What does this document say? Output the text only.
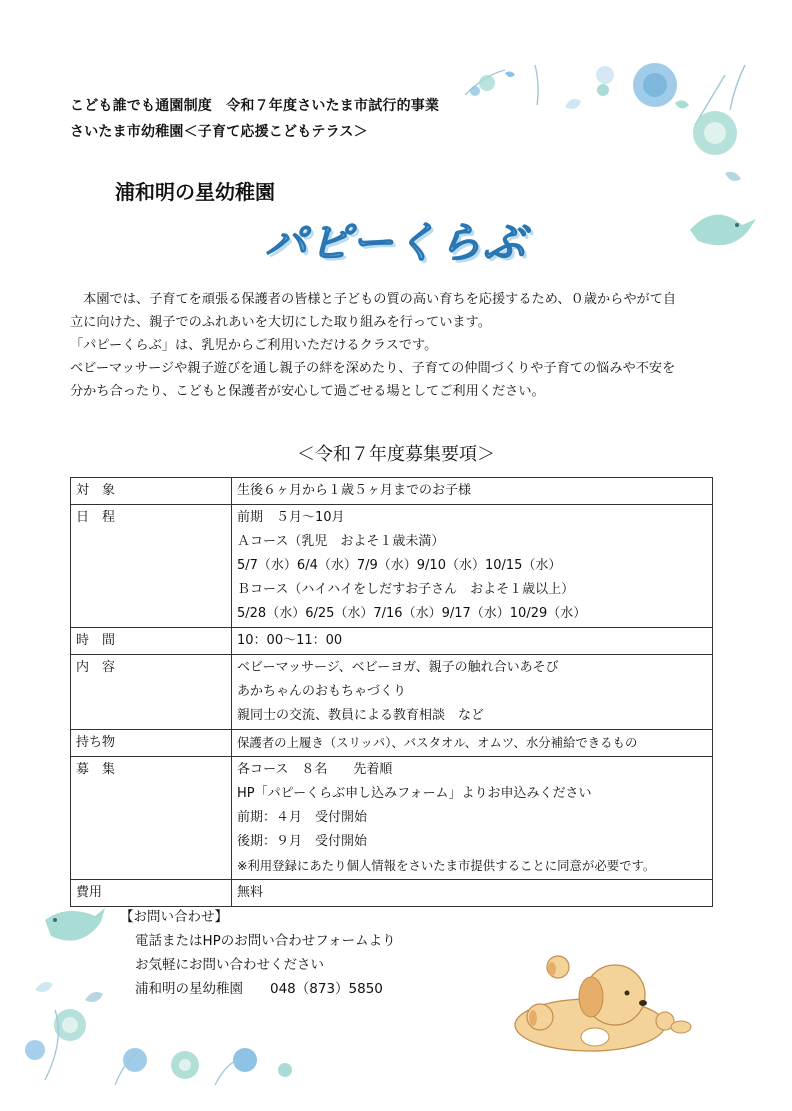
こども誰でも通園制度　令和７年度さいたま市試行的事業
さいたま市幼稚園＜子育て応援こどもテラス＞
浦和明の星幼稚園
パピーくらぶ

　本園では、子育てを頑張る保護者の皆様と子どもの質の高い育ちを応援するため、０歳からやがて自

立に向けた、親子でのふれあいを大切にした取り組みを行っています。

「パピーくらぶ」は、乳児からご利用いただけるクラスです。

ベビーマッサージや親子遊びを通し親子の絆を深めたり、子育ての仲間づくりや子育ての悩みや不安を

分かち合ったり、こどもと保護者が安心して過ごせる場としてご利用ください。

＜令和７年度募集要項＞
対　象	生後６ヶ月から１歳５ヶ月までのお子様

日　程	前期　５月〜10月
Ａコース（乳児　およそ１歳未満）
5/7（水）6/4（水）7/9（水）9/10（水）10/15（水）
Ｂコース（ハイハイをしだすお子さん　およそ１歳以上）
5/28（水）6/25（水）7/16（水）9/17（水）10/29（水）

時　間	10：00〜11：00

内　容	ベビーマッサージ、ベビーヨガ、親子の触れ合いあそび
あかちゃんのおもちゃづくり
親同士の交流、教員による教育相談　など

持ち物	保護者の上履き（スリッパ）、バスタオル、オムツ、水分補給できるもの

募　集	各コース　８名　　先着順
HP「パピーくらぶ申し込みフォーム」よりお申込みください
前期：４月　受付開始
後期：９月　受付開始
※利用登録にあたり個人情報をさいたま市提供することに同意が必要です。

費用	無料
【お問い合わせ】
電話またはHPのお問い合わせフォームより
お気軽にお問い合わせください
浦和明の星幼稚園　　048（873）5850
